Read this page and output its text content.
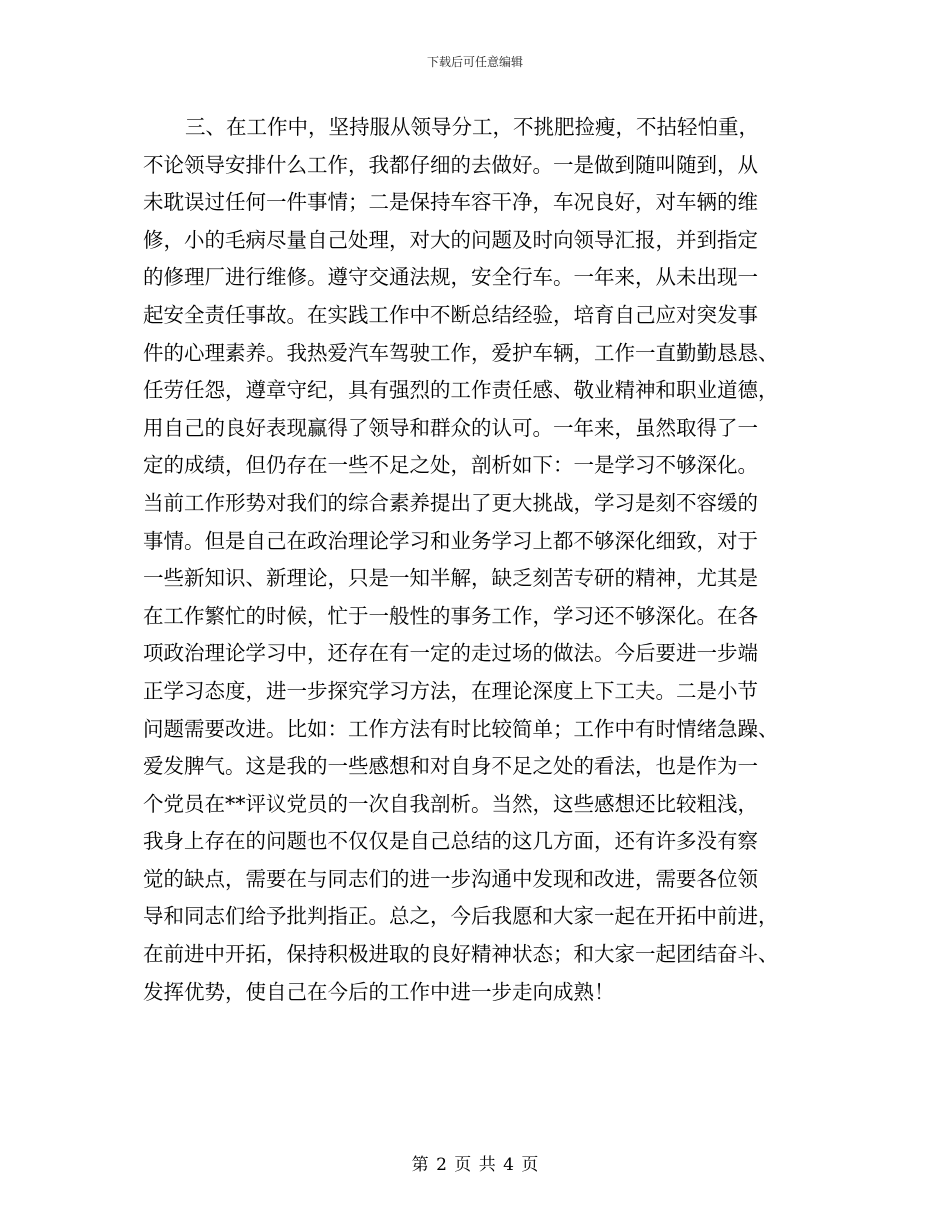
下载后可任意编辑
三、在工作中，坚持服从领导分工，不挑肥捡瘦，不拈轻怕重，
不论领导安排什么工作，我都仔细的去做好。一是做到随叫随到，从
未耽误过任何一件事情；二是保持车容干净，车况良好，对车辆的维
修，小的毛病尽量自己处理，对大的问题及时向领导汇报，并到指定
的修理厂进行维修。遵守交通法规，安全行车。一年来，从未出现一
起安全责任事故。在实践工作中不断总结经验，培育自己应对突发事
件的心理素养。我热爱汽车驾驶工作，爱护车辆，工作一直勤勤恳恳、
任劳任怨，遵章守纪，具有强烈的工作责任感、敬业精神和职业道德，
用自己的良好表现赢得了领导和群众的认可。一年来，虽然取得了一
定的成绩，但仍存在一些不足之处，剖析如下：一是学习不够深化。
当前工作形势对我们的综合素养提出了更大挑战，学习是刻不容缓的
事情。但是自己在政治理论学习和业务学习上都不够深化细致，对于
一些新知识、新理论，只是一知半解，缺乏刻苦专研的精神，尤其是
在工作繁忙的时候，忙于一般性的事务工作，学习还不够深化。在各
项政治理论学习中，还存在有一定的走过场的做法。今后要进一步端
正学习态度，进一步探究学习方法，在理论深度上下工夫。二是小节
问题需要改进。比如：工作方法有时比较简单；工作中有时情绪急躁、
爱发脾气。这是我的一些感想和对自身不足之处的看法，也是作为一
个党员在**评议党员的一次自我剖析。当然，这些感想还比较粗浅，
我身上存在的问题也不仅仅是自己总结的这几方面，还有许多没有察
觉的缺点，需要在与同志们的进一步沟通中发现和改进，需要各位领
导和同志们给予批判指正。总之，今后我愿和大家一起在开拓中前进，
在前进中开拓，保持积极进取的良好精神状态；和大家一起团结奋斗、
发挥优势，使自己在今后的工作中进一步走向成熟！
第 2 页 共 4 页
